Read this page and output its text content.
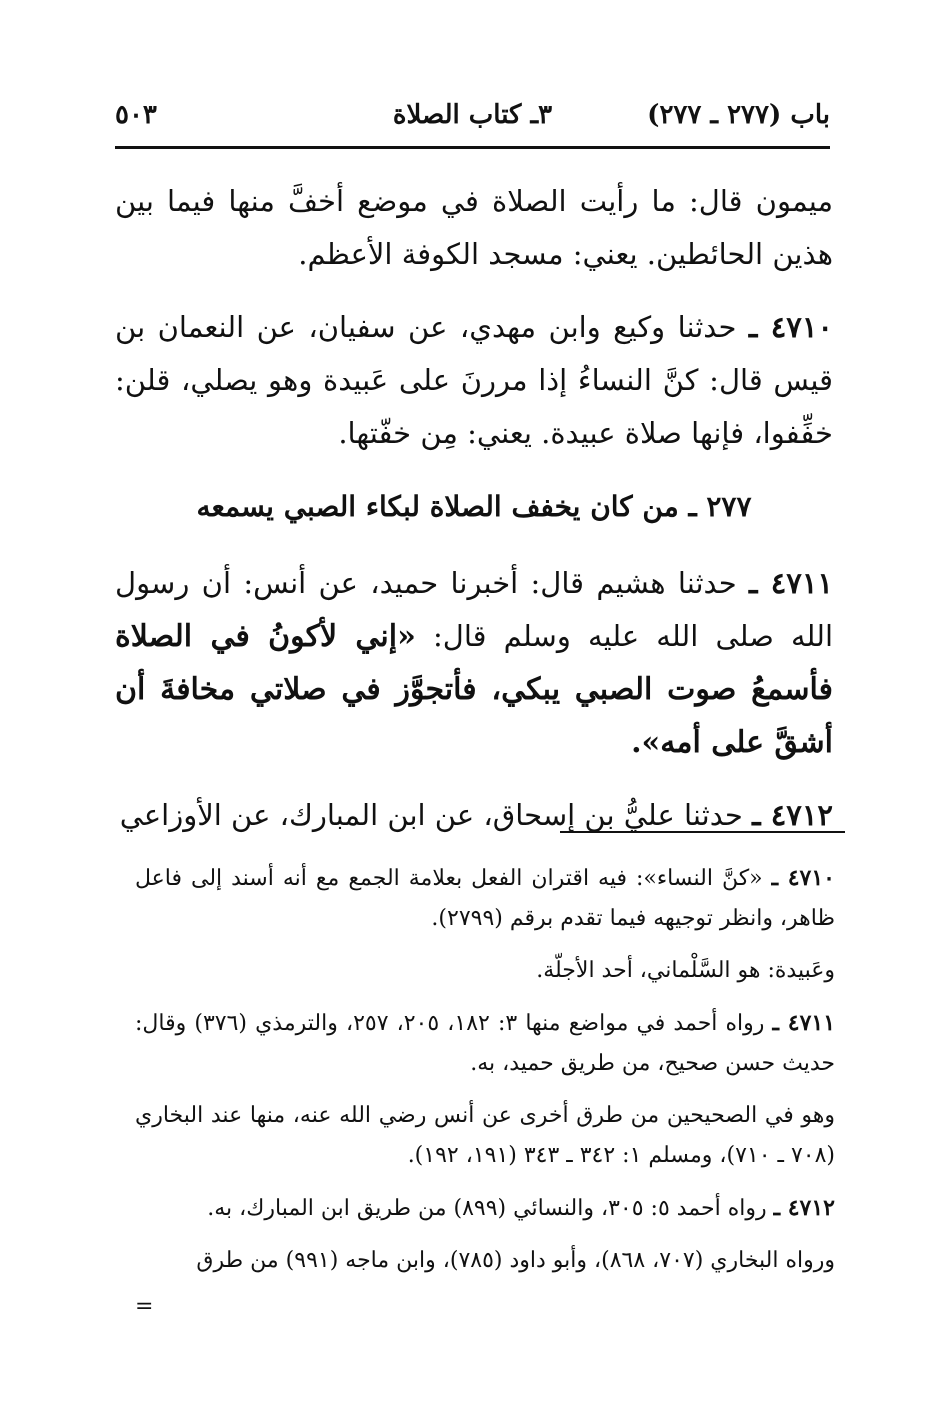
باب (٢٧٧ ـ ٢٧٧)
٣ـ كتاب الصلاة
٥٠٣

ميمون قال: ما رأيت الصلاة في موضع أخفَّ منها فيما بين هذين الحائطين. يعني: مسجد الكوفة الأعظم.

٤٧١٠ ـ حدثنا وكيع وابن مهدي، عن سفيان، عن النعمان بن قيس قال: كنَّ النساءُ إذا مررنَ على عَبيدة وهو يصلي، قلن: خفِّفوا، فإنها صلاة عبيدة. يعني: مِن خفّتها.

٢٧٧ ـ من كان يخفف الصلاة لبكاء الصبي يسمعه

٤٧١١ ـ حدثنا هشيم قال: أخبرنا حميد، عن أنس: أن رسول الله صلى الله عليه وسلم قال: «إني لأكونُ في الصلاة فأسمعُ صوت الصبي يبكي، فأتجوَّز في صلاتي مخافةَ أن أشقَّ على أمه».

٤٧١٢ ـ حدثنا عليُّ بن إسحاق، عن ابن المبارك، عن الأوزاعي

٤٧١٠ ـ «كنَّ النساء»: فيه اقتران الفعل بعلامة الجمع مع أنه أسند إلى فاعل ظاهر، وانظر توجيهه فيما تقدم برقم (٢٧٩٩).

وعَبيدة: هو السَّلْماني، أحد الأجلّة.

٤٧١١ ـ رواه أحمد في مواضع منها ٣: ١٨٢، ٢٠٥، ٢٥٧، والترمذي (٣٧٦) وقال: حديث حسن صحيح، من طريق حميد، به.

وهو في الصحيحين من طرق أخرى عن أنس رضي الله عنه، منها عند البخاري (٧٠٨ ـ ٧١٠)، ومسلم ١: ٣٤٢ ـ ٣٤٣ (١٩١، ١٩٢).

٤٧١٢ ـ رواه أحمد ٥: ٣٠٥، والنسائي (٨٩٩) من طريق ابن المبارك، به.

ورواه البخاري (٧٠٧، ٨٦٨)، وأبو داود (٧٨٥)، وابن ماجه (٩٩١) من طرق

=
